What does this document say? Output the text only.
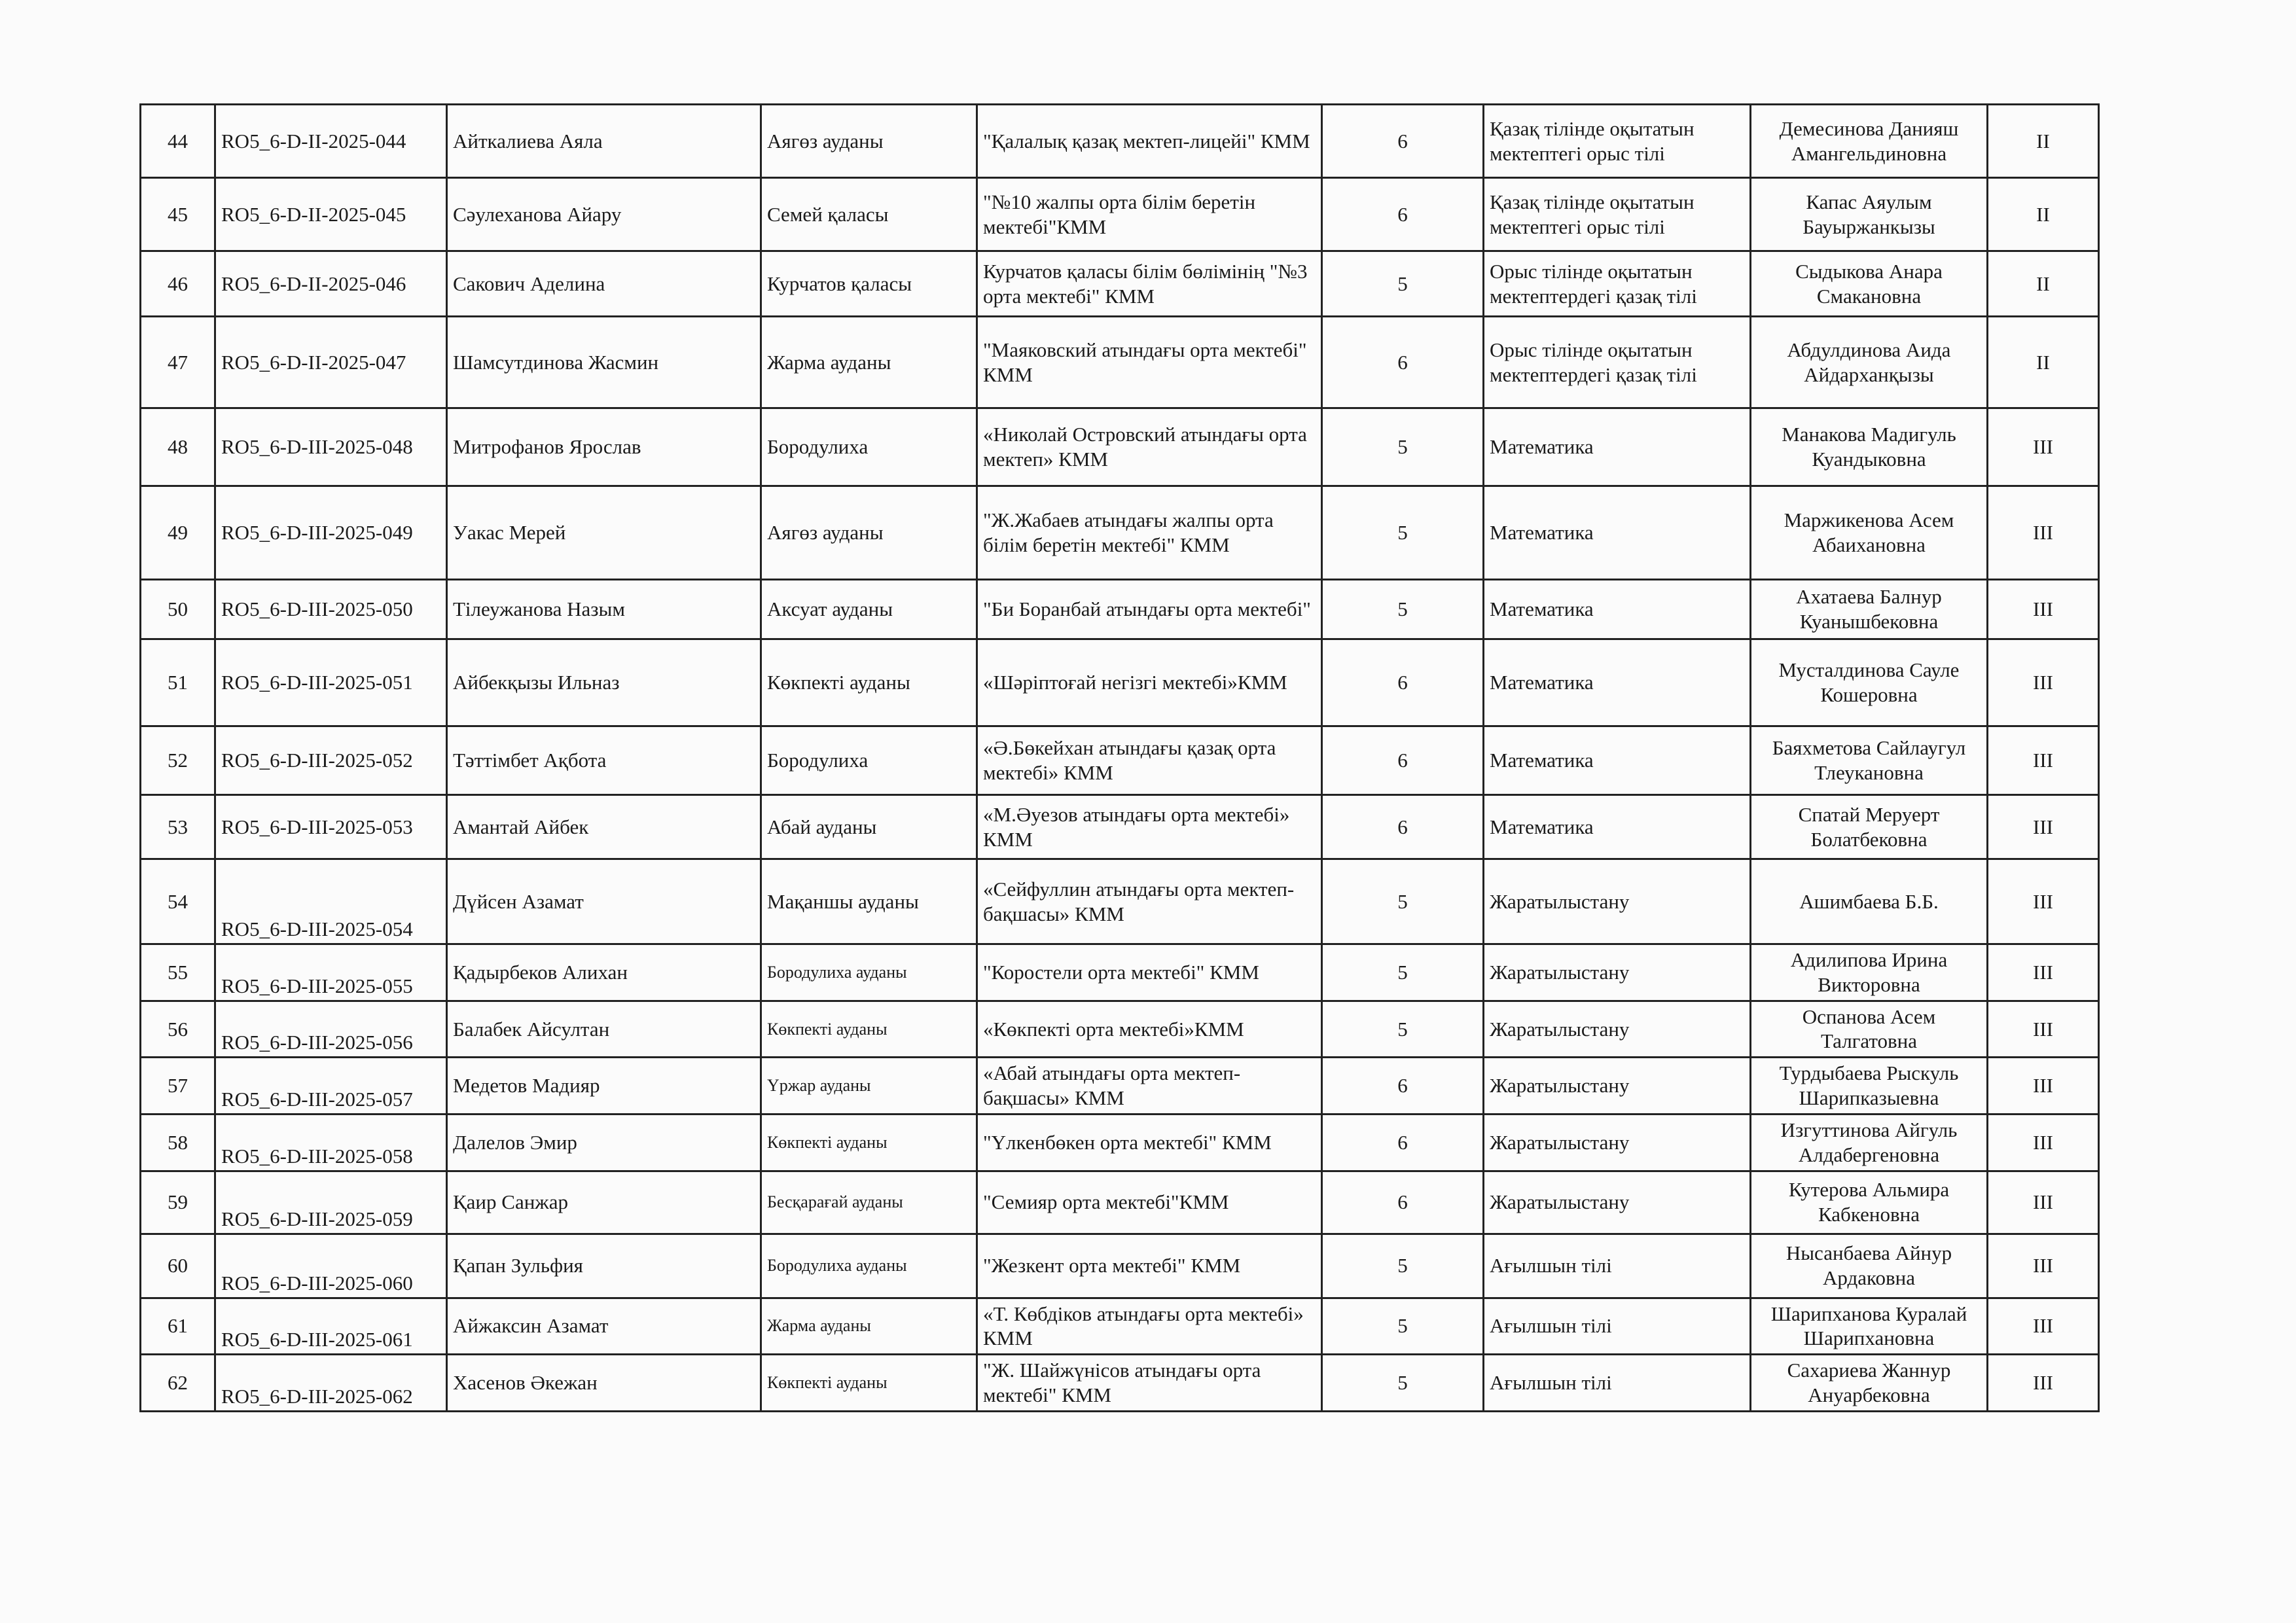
44	RO5_6-D-II-2025-044	Айткалиева Аяла	Аягөз ауданы	"Қалалық қазақ мектеп-лицейі" КММ	6	Қазақ тілінде оқытатын мектептегі орыс тілі	Демесинова Данияш Амангельдиновна	II
45	RO5_6-D-II-2025-045	Сәулеханова Айару	Семей қаласы	"№10 жалпы орта білім беретін мектебі"КММ	6	Қазақ тілінде оқытатын мектептегі орыс тілі	Капас Аяулым Бауыржанкызы	II
46	RO5_6-D-II-2025-046	Сакович Аделина	Курчатов қаласы	Курчатов қаласы білім бөлімінің "№3 орта мектебі" КММ	5	Орыс тілінде оқытатын мектептердегі қазақ тілі	Сыдыкова Анара Смакановна	II
47	RO5_6-D-II-2025-047	Шамсутдинова Жасмин	Жарма ауданы	"Маяковский атындағы орта мектебі" КММ	6	Орыс тілінде оқытатын мектептердегі қазақ тілі	Абдулдинова Аида Айдарханқызы	II
48	RO5_6-D-III-2025-048	Митрофанов Ярослав	Бородулиха	«Николай Островский атындағы орта мектеп» КММ	5	Математика	Манакова Мадигуль Куандыковна	III
49	RO5_6-D-III-2025-049	Уакас Мерей	Аягөз ауданы	"Ж.Жабаев атындағы жалпы орта білім беретін мектебі" КММ	5	Математика	Маржикенова Асем Абаихановна	III
50	RO5_6-D-III-2025-050	Тілеужанова Назым	Аксуат ауданы	"Би Боранбай атындағы орта мектебі"	5	Математика	Ахатаева Балнур Куанышбековна	III
51	RO5_6-D-III-2025-051	Айбекқызы Ильназ	Көкпекті ауданы	«Шәріптоғай негізгі мектебі»КММ	6	Математика	Мусталдинова Сауле Кошеровна	III
52	RO5_6-D-III-2025-052	Тәттімбет Ақбота	Бородулиха	«Ә.Бөкейхан атындағы қазақ орта мектебі» КММ	6	Математика	Баяхметова Сайлаугул Тлеукановна	III
53	RO5_6-D-III-2025-053	Амантай Айбек	Абай ауданы	«М.Әуезов атындағы орта мектебі» КММ	6	Математика	Спатай Меруерт Болатбековна	III
54	RO5_6-D-III-2025-054	Дүйсен Азамат	Мақаншы ауданы	«Сейфуллин атындағы орта мектеп-бақшасы» КММ	5	Жаратылыстану	Ашимбаева Б.Б.	III
55	RO5_6-D-III-2025-055	Қадырбеков Алихан	Бородулиха ауданы	"Коростели орта мектебі" КММ	5	Жаратылыстану	Адилипова Ирина Викторовна	III
56	RO5_6-D-III-2025-056	Балабек Айсултан	Көкпекті ауданы	«Көкпекті орта мектебі»КММ	5	Жаратылыстану	Оспанова Асем Талгатовна	III
57	RO5_6-D-III-2025-057	Медетов Мадияр	Үржар ауданы	«Абай атындағы орта мектеп-бақшасы» КММ	6	Жаратылыстану	Турдыбаева Рыскуль Шарипказыевна	III
58	RO5_6-D-III-2025-058	Далелов Эмир	Көкпекті ауданы	"Үлкенбөкен орта мектебі" КММ	6	Жаратылыстану	Изгуттинова Айгуль Алдабергеновна	III
59	RO5_6-D-III-2025-059	Қаир Санжар	Бесқарағай ауданы	"Семияр орта мектебі"КММ	6	Жаратылыстану	Кутерова Альмира Кабкеновна	III
60	RO5_6-D-III-2025-060	Қапан Зульфия	Бородулиха ауданы	"Жезкент орта мектебі" КММ	5	Ағылшын тілі	Нысанбаева Айнур Ардаковна	III
61	RO5_6-D-III-2025-061	Айжаксин Азамат	Жарма ауданы	«Т. Көбдіков атындағы орта мектебі» КММ	5	Ағылшын тілі	Шарипханова Куралай Шарипхановна	III
62	RO5_6-D-III-2025-062	Хасенов Әкежан	Көкпекті ауданы	"Ж. Шайжүнісов атындағы орта мектебі" КММ	5	Ағылшын тілі	Сахариева Жаннур Ануарбековна	III
